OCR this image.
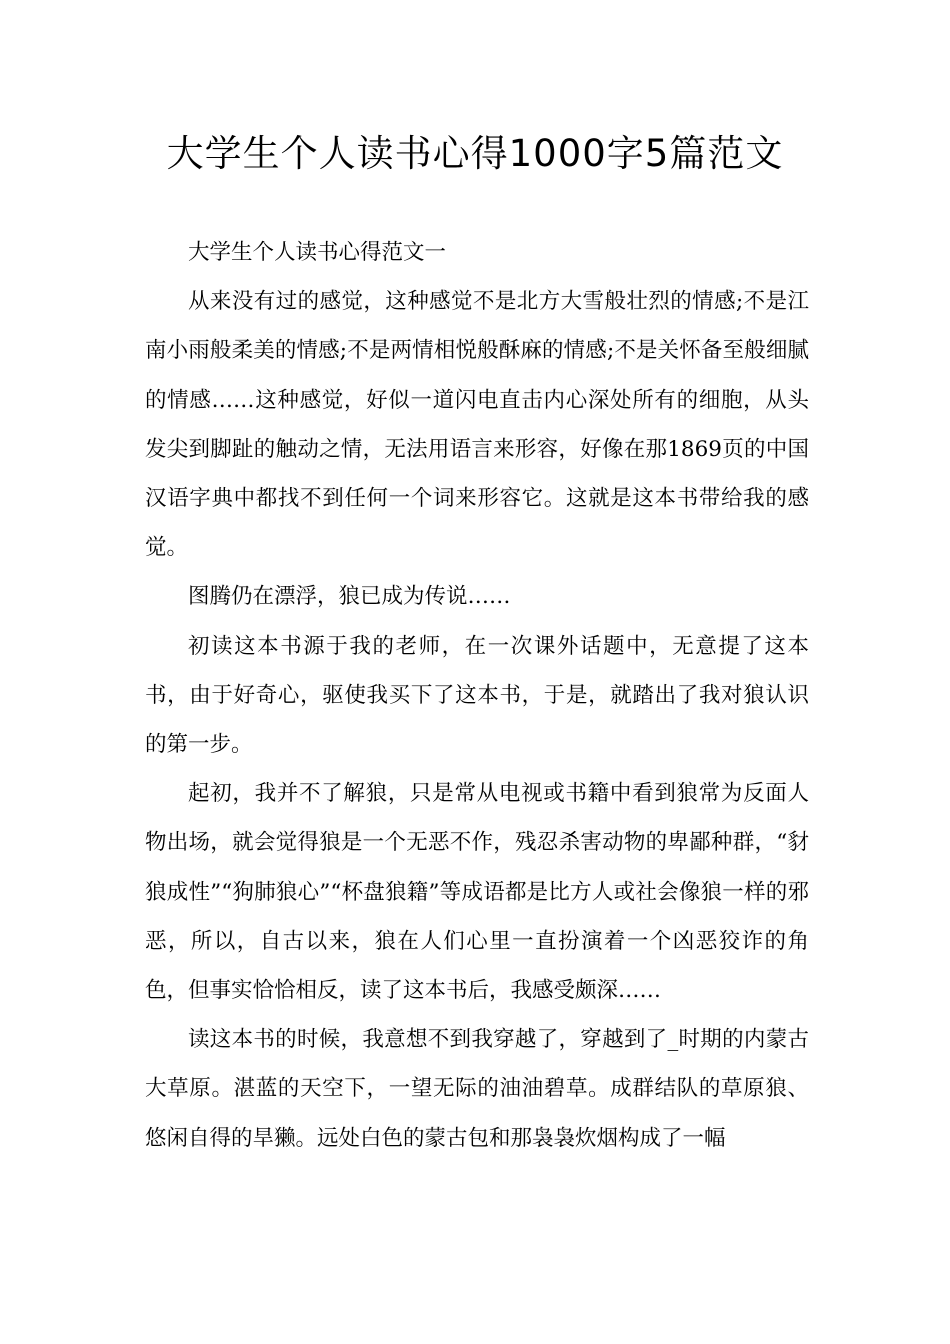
大学生个人读书心得1000字5篇范文

大学生个人读书心得范文一

从来没有过的感觉，这种感觉不是北方大雪般壮烈的情感;不是江南小雨般柔美的情感;不是两情相悦般酥麻的情感;不是关怀备至般细腻的情感……这种感觉，好似一道闪电直击内心深处所有的细胞，从头发尖到脚趾的触动之情，无法用语言来形容，好像在那1869页的中国汉语字典中都找不到任何一个词来形容它。这就是这本书带给我的感觉。

图腾仍在漂浮，狼已成为传说……

初读这本书源于我的老师，在一次课外话题中，无意提了这本书，由于好奇心，驱使我买下了这本书，于是，就踏出了我对狼认识的第一步。

起初，我并不了解狼，只是常从电视或书籍中看到狼常为反面人物出场，就会觉得狼是一个无恶不作，残忍杀害动物的卑鄙种群，“豺狼成性”“狗肺狼心”“杯盘狼籍”等成语都是比方人或社会像狼一样的邪恶，所以，自古以来，狼在人们心里一直扮演着一个凶恶狡诈的角色，但事实恰恰相反，读了这本书后，我感受颇深……

读这本书的时候，我意想不到我穿越了，穿越到了_时期的内蒙古大草原。湛蓝的天空下，一望无际的油油碧草。成群结队的草原狼、悠闲自得的旱獭。远处白色的蒙古包和那袅袅炊烟构成了一幅
